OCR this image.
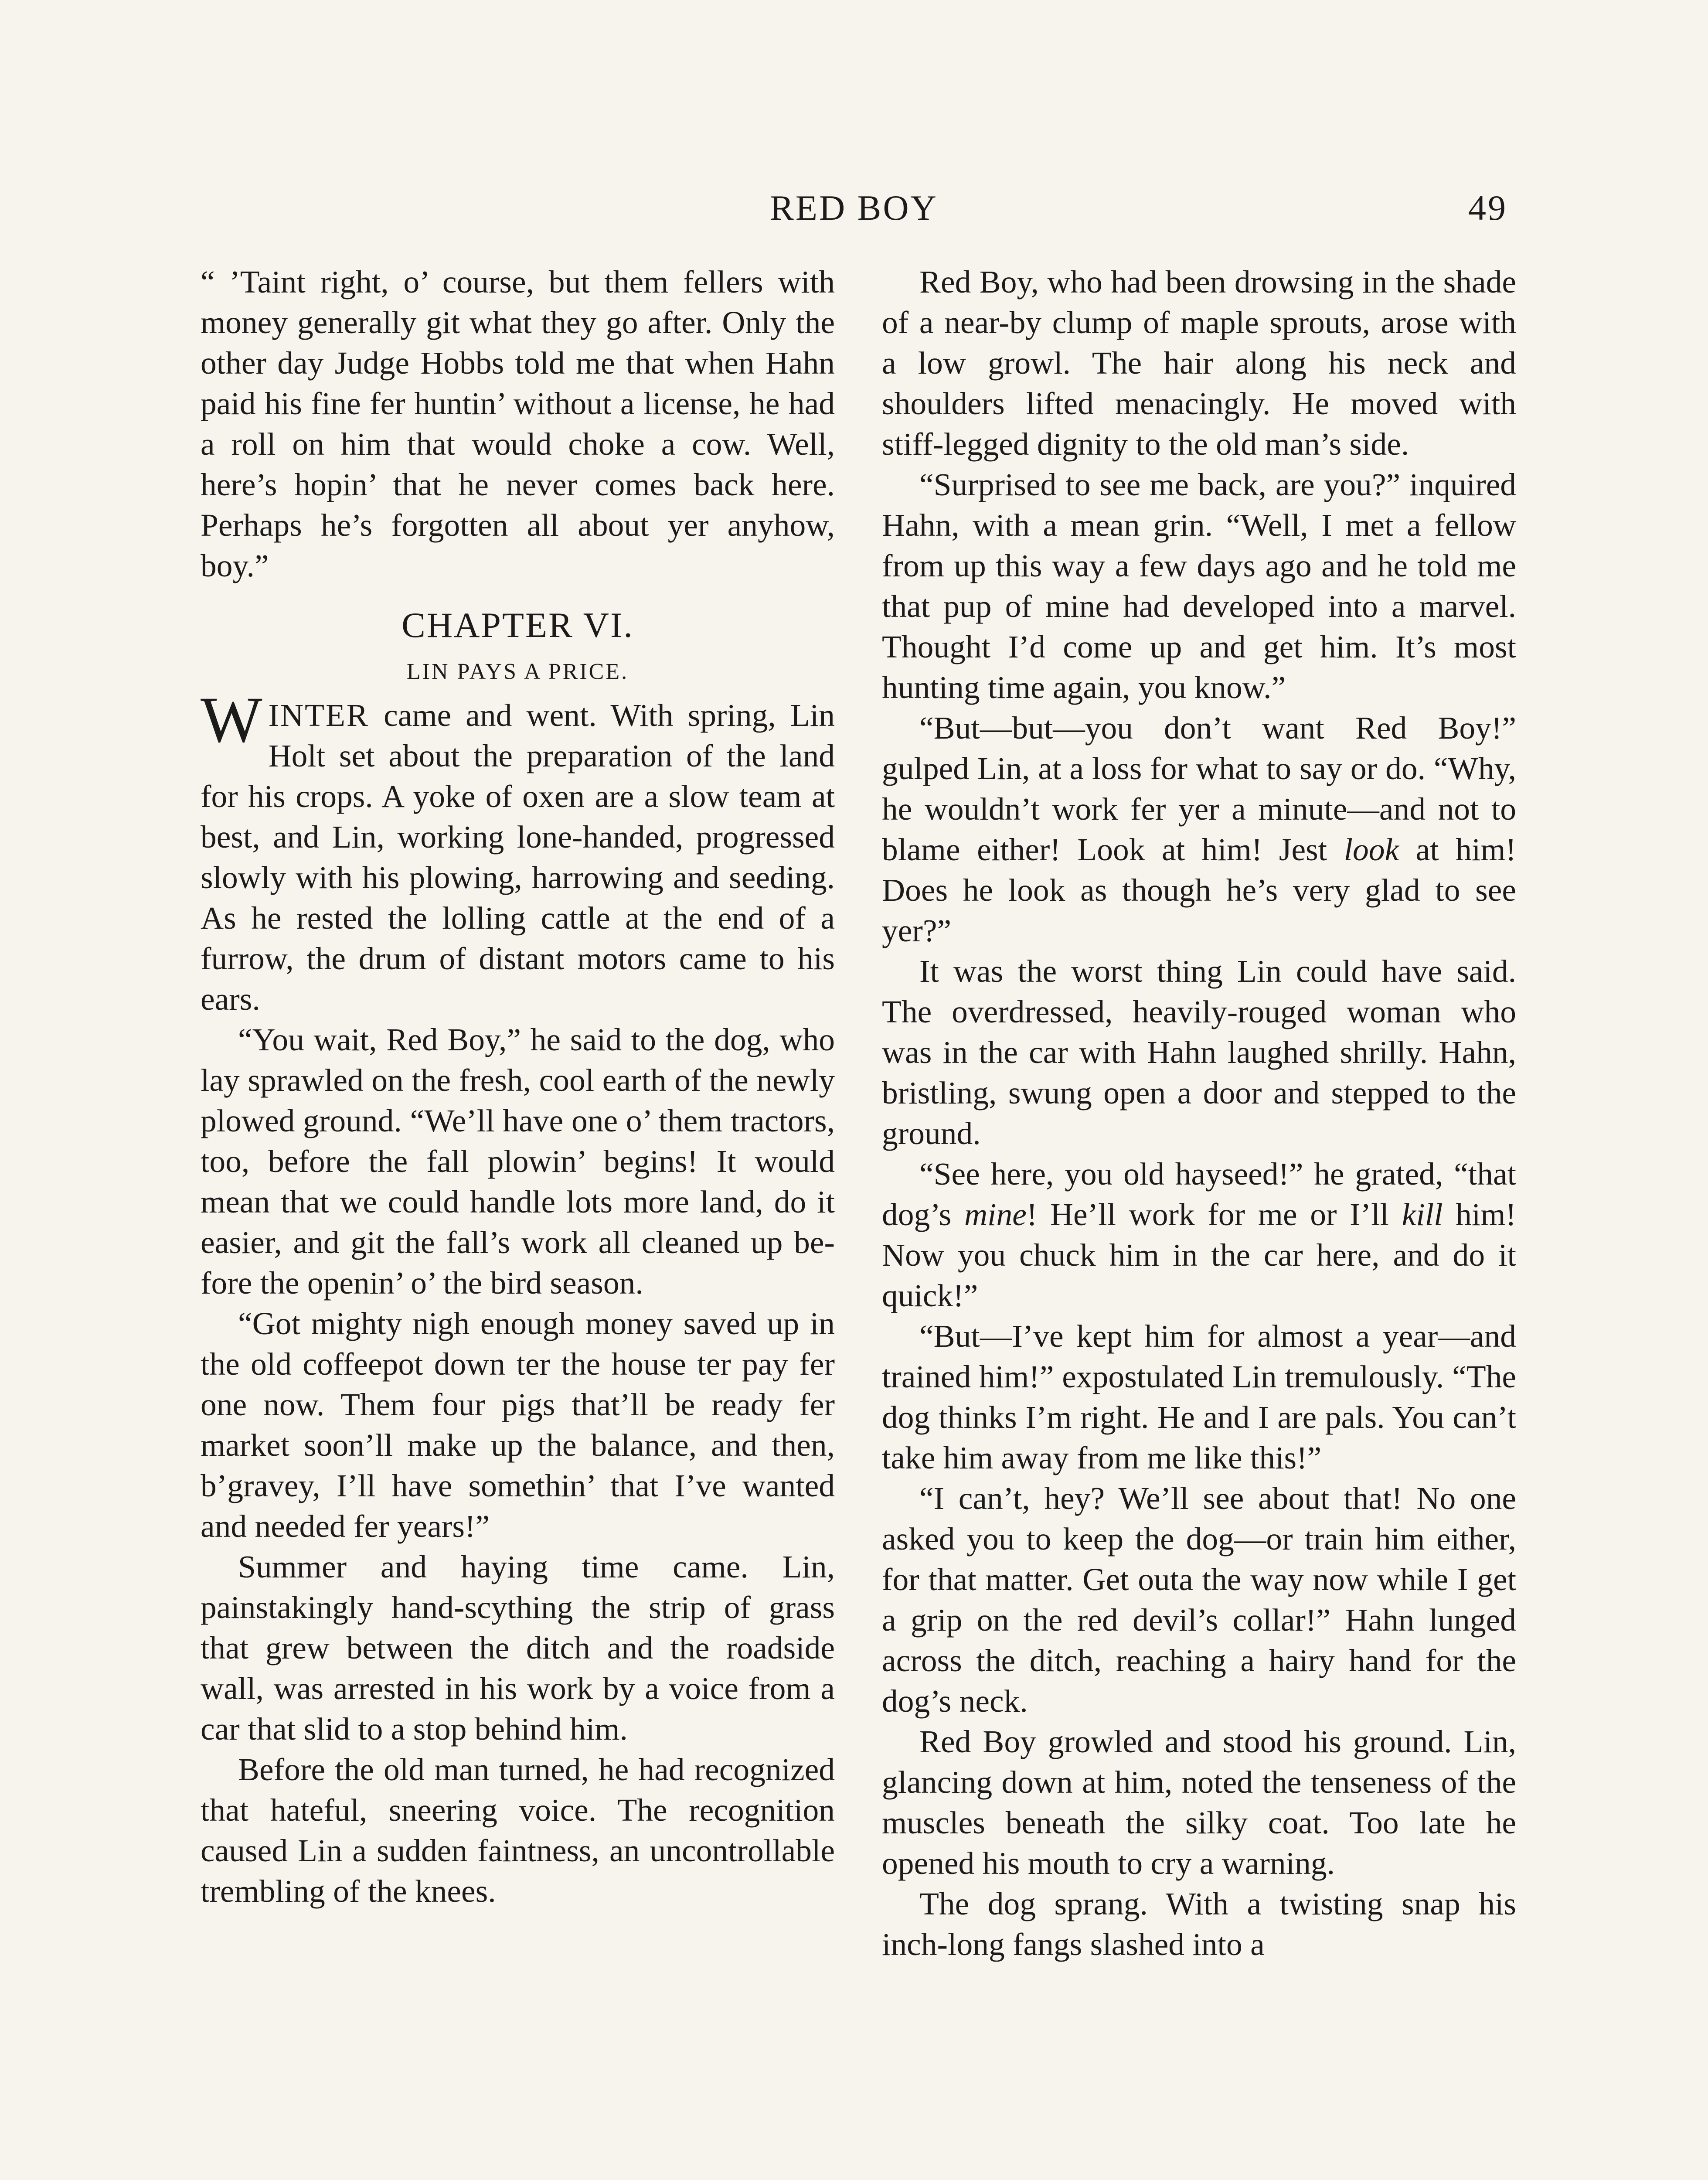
RED BOY	49

“ ’Taint right, o’ course, but them fellers with money generally git what they go after. Only the other day Judge Hobbs told me that when Hahn paid his fine fer huntin’ without a license, he had a roll on him that would choke a cow. Well, here’s hopin’ that he never comes back here. Perhaps he’s forgotten all about yer anyhow, boy.”

CHAPTER VI.
LIN PAYS A PRICE.

WINTER came and went. With spring, Lin Holt set about the preparation of the land for his crops. A yoke of oxen are a slow team at best, and Lin, working lone-handed, progressed slowly with his plowing, harrowing and seeding. As he rested the lolling cattle at the end of a furrow, the drum of distant motors came to his ears.

“You wait, Red Boy,” he said to the dog, who lay sprawled on the fresh, cool earth of the newly plowed ground. “We’ll have one o’ them tractors, too, before the fall plowin’ begins! It would mean that we could handle lots more land, do it easier, and git the fall’s work all cleaned up before the openin’ o’ the bird season.

“Got mighty nigh enough money saved up in the old coffeepot down ter the house ter pay fer one now. Them four pigs that’ll be ready fer market soon’ll make up the balance, and then, b’gravey, I’ll have somethin’ that I’ve wanted and needed fer years!”

Summer and haying time came. Lin, painstakingly hand-scything the strip of grass that grew between the ditch and the roadside wall, was arrested in his work by a voice from a car that slid to a stop behind him.

Before the old man turned, he had recognized that hateful, sneering voice. The recognition caused Lin a sudden faintness, an uncontrollable trembling of the knees.

Red Boy, who had been drowsing in the shade of a near-by clump of maple sprouts, arose with a low growl. The hair along his neck and shoulders lifted menacingly. He moved with stiff-legged dignity to the old man’s side.

“Surprised to see me back, are you?” inquired Hahn, with a mean grin. “Well, I met a fellow from up this way a few days ago and he told me that pup of mine had developed into a marvel. Thought I’d come up and get him. It’s most hunting time again, you know.”

“But—but—you don’t want Red Boy!” gulped Lin, at a loss for what to say or do. “Why, he wouldn’t work fer yer a minute—and not to blame either! Look at him! Jest look at him! Does he look as though he’s very glad to see yer?”

It was the worst thing Lin could have said. The overdressed, heavily-rouged woman who was in the car with Hahn laughed shrilly. Hahn, bristling, swung open a door and stepped to the ground.

“See here, you old hayseed!” he grated, “that dog’s mine! He’ll work for me or I’ll kill him! Now you chuck him in the car here, and do it quick!”

“But—I’ve kept him for almost a year—and trained him!” expostulated Lin tremulously. “The dog thinks I’m right. He and I are pals. You can’t take him away from me like this!”

“I can’t, hey? We’ll see about that! No one asked you to keep the dog—or train him either, for that matter. Get outa the way now while I get a grip on the red devil’s collar!” Hahn lunged across the ditch, reaching a hairy hand for the dog’s neck.

Red Boy growled and stood his ground. Lin, glancing down at him, noted the tenseness of the muscles beneath the silky coat. Too late he opened his mouth to cry a warning.

The dog sprang. With a twisting snap his inch-long fangs slashed into a
